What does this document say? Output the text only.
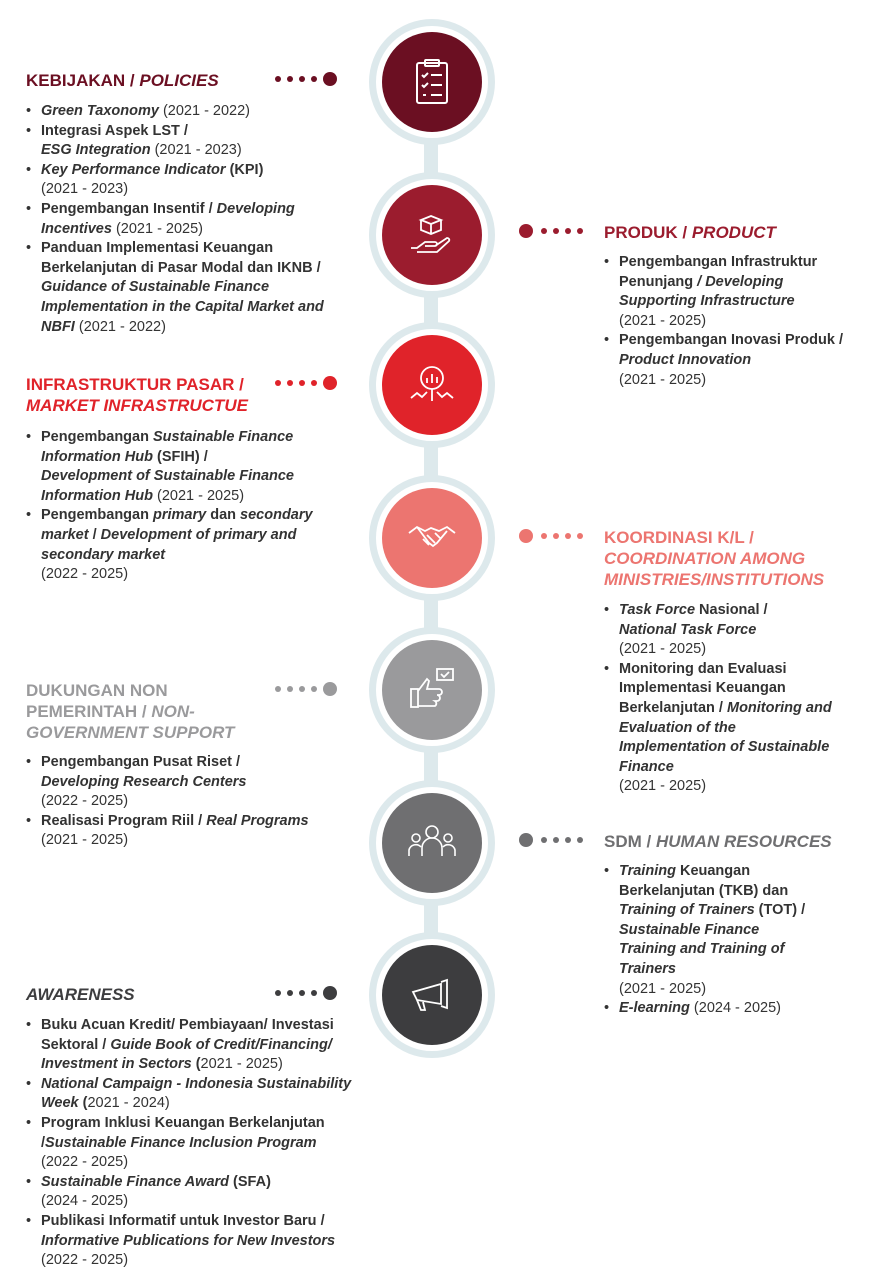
KEBIJAKAN / POLICIES
• Green Taxonomy (2021 - 2022)
• Integrasi Aspek LST /
ESG Integration (2021 - 2023)
• Key Performance Indicator (KPI)
(2021 - 2023)
• Pengembangan Insentif / Developing Incentives (2021 - 2025)
• Panduan Implementasi Keuangan Berkelanjutan di Pasar Modal dan IKNB / Guidance of Sustainable Finance Implementation in the Capital Market and NBFI (2021 - 2022)
PRODUK / PRODUCT
• Pengembangan Infrastruktur Penunjang / Developing Supporting Infrastructure
(2021 - 2025)
• Pengembangan Inovasi Produk / Product Innovation
(2021 - 2025)
INFRASTRUKTUR PASAR /
MARKET INFRASTRUCTUE
• Pengembangan Sustainable Finance Information Hub (SFIH) /
Development of Sustainable Finance Information Hub (2021 - 2025)
• Pengembangan primary dan secondary market / Development of primary and secondary market
(2022 - 2025)
KOORDINASI K/L /
COORDINATION AMONG MINISTRIES/INSTITUTIONS
• Task Force Nasional /
National Task Force
(2021 - 2025)
• Monitoring dan Evaluasi Implementasi Keuangan Berkelanjutan / Monitoring and Evaluation of the Implementation of Sustainable Finance
(2021 - 2025)
DUKUNGAN NON PEMERINTAH / NON-GOVERNMENT SUPPORT
• Pengembangan Pusat Riset /
Developing Research Centers
(2022 - 2025)
• Realisasi Program Riil / Real Programs (2021 - 2025)	SDM / HUMAN RESOURCES
• Training Keuangan Berkelanjutan (TKB) dan Training of Trainers (TOT) / Sustainable Finance Training and Training of Trainers
(2021 - 2025)
• E-learning (2024 - 2025)
AWARENESS
• Buku Acuan Kredit/ Pembiayaan/ Investasi Sektoral / Guide Book of Credit/Financing/ Investment in Sectors (2021 - 2025)
• National Campaign - Indonesia Sustainability Week (2021 - 2024)
• Program Inklusi Keuangan Berkelanjutan /Sustainable Finance Inclusion Program
(2022 - 2025)
• Sustainable Finance Award (SFA)
(2024 - 2025)
• Publikasi Informatif untuk Investor Baru /
Informative Publications for New Investors
(2022 - 2025)
